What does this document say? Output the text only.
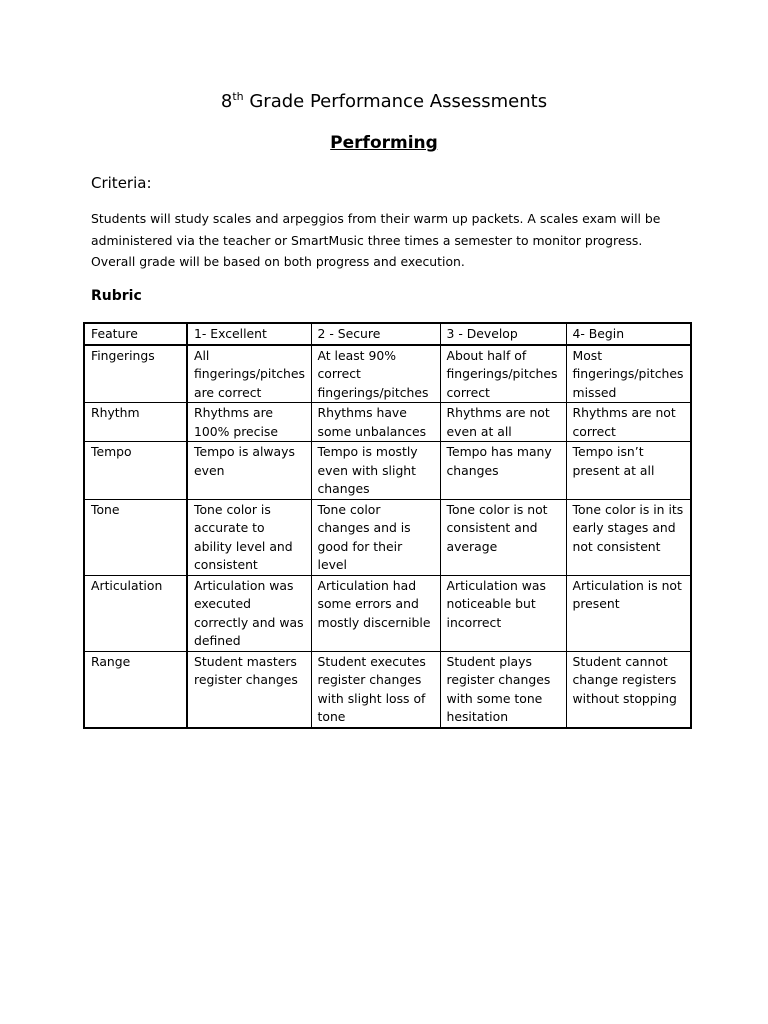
8th Grade Performance Assessments
Performing
Criteria:
Students will study scales and arpeggios from their warm up packets. A scales exam will be administered via the teacher or SmartMusic three times a semester to monitor progress. Overall grade will be based on both progress and execution.
Rubric
Feature	1- Excellent	2 - Secure	3 - Develop	4- Begin
Fingerings	All fingerings/pitches are correct	At least 90% correct fingerings/pitches	About half of fingerings/pitches correct	Most fingerings/pitches missed
Rhythm	Rhythms are 100% precise	Rhythms have some unbalances	Rhythms are not even at all	Rhythms are not correct
Tempo	Tempo is always even	Tempo is mostly even with slight changes	Tempo has many changes	Tempo isn’t present at all
Tone	Tone color is accurate to ability level and consistent	Tone color changes and is good for their level	Tone color is not consistent and average	Tone color is in its early stages and not consistent
Articulation	Articulation was executed correctly and was defined	Articulation had some errors and mostly discernible	Articulation was noticeable but incorrect	Articulation is not present
Range	Student masters register changes	Student executes register changes with slight loss of tone	Student plays register changes with some tone hesitation	Student cannot change registers without stopping
